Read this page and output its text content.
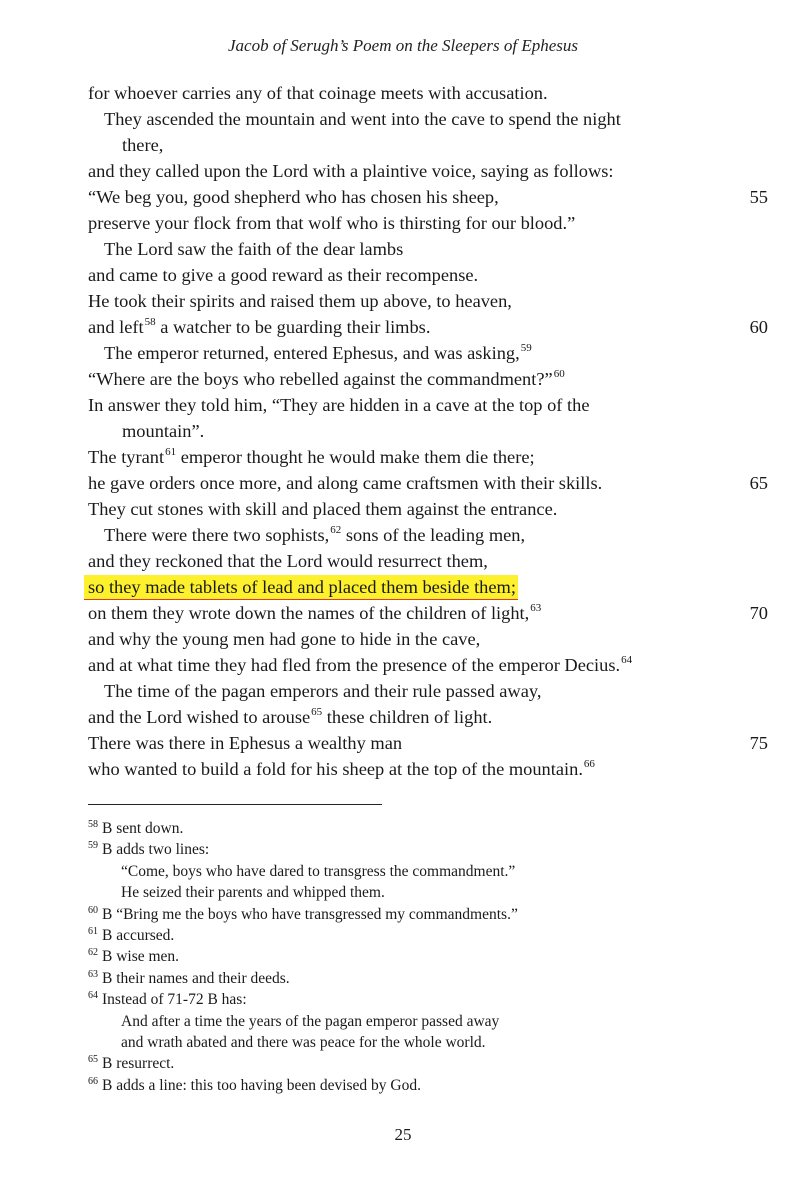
Jacob of Serugh’s Poem on the Sleepers of Ephesus
for whoever carries any of that coinage meets with accusation.
They ascended the mountain and went into the cave to spend the night
there,
and they called upon the Lord with a plaintive voice, saying as follows:
“We beg you, good shepherd who has chosen his sheep,	55
preserve your flock from that wolf who is thirsting for our blood.”
The Lord saw the faith of the dear lambs
and came to give a good reward as their recompense.
He took their spirits and raised them up above, to heaven,
and left$^{58}$ a watcher to be guarding their limbs.	60
The emperor returned, entered Ephesus, and was asking,$^{59}$
“Where are the boys who rebelled against the commandment?”$^{60}$
In answer they told him, “They are hidden in a cave at the top of the
mountain”.
The tyrant$^{61}$ emperor thought he would make them die there;
he gave orders once more, and along came craftsmen with their skills.	65
They cut stones with skill and placed them against the entrance.
There were there two sophists,$^{62}$ sons of the leading men,
and they reckoned that the Lord would resurrect them,
so they made tablets of lead and placed them beside them;
on them they wrote down the names of the children of light,$^{63}$	70
and why the young men had gone to hide in the cave,
and at what time they had fled from the presence of the emperor Decius.$^{64}$
The time of the pagan emperors and their rule passed away,
and the Lord wished to arouse$^{65}$ these children of light.
There was there in Ephesus a wealthy man	75
who wanted to build a fold for his sheep at the top of the mountain.$^{66}$
$^{58}$ B sent down.
$^{59}$ B adds two lines:
“Come, boys who have dared to transgress the commandment.”
He seized their parents and whipped them.
$^{60}$ B “Bring me the boys who have transgressed my commandments.”
$^{61}$ B accursed.
$^{62}$ B wise men.
$^{63}$ B their names and their deeds.
$^{64}$ Instead of 71-72 B has:
And after a time the years of the pagan emperor passed away
and wrath abated and there was peace for the whole world.
$^{65}$ B resurrect.
$^{66}$ B adds a line: this too having been devised by God.
25
